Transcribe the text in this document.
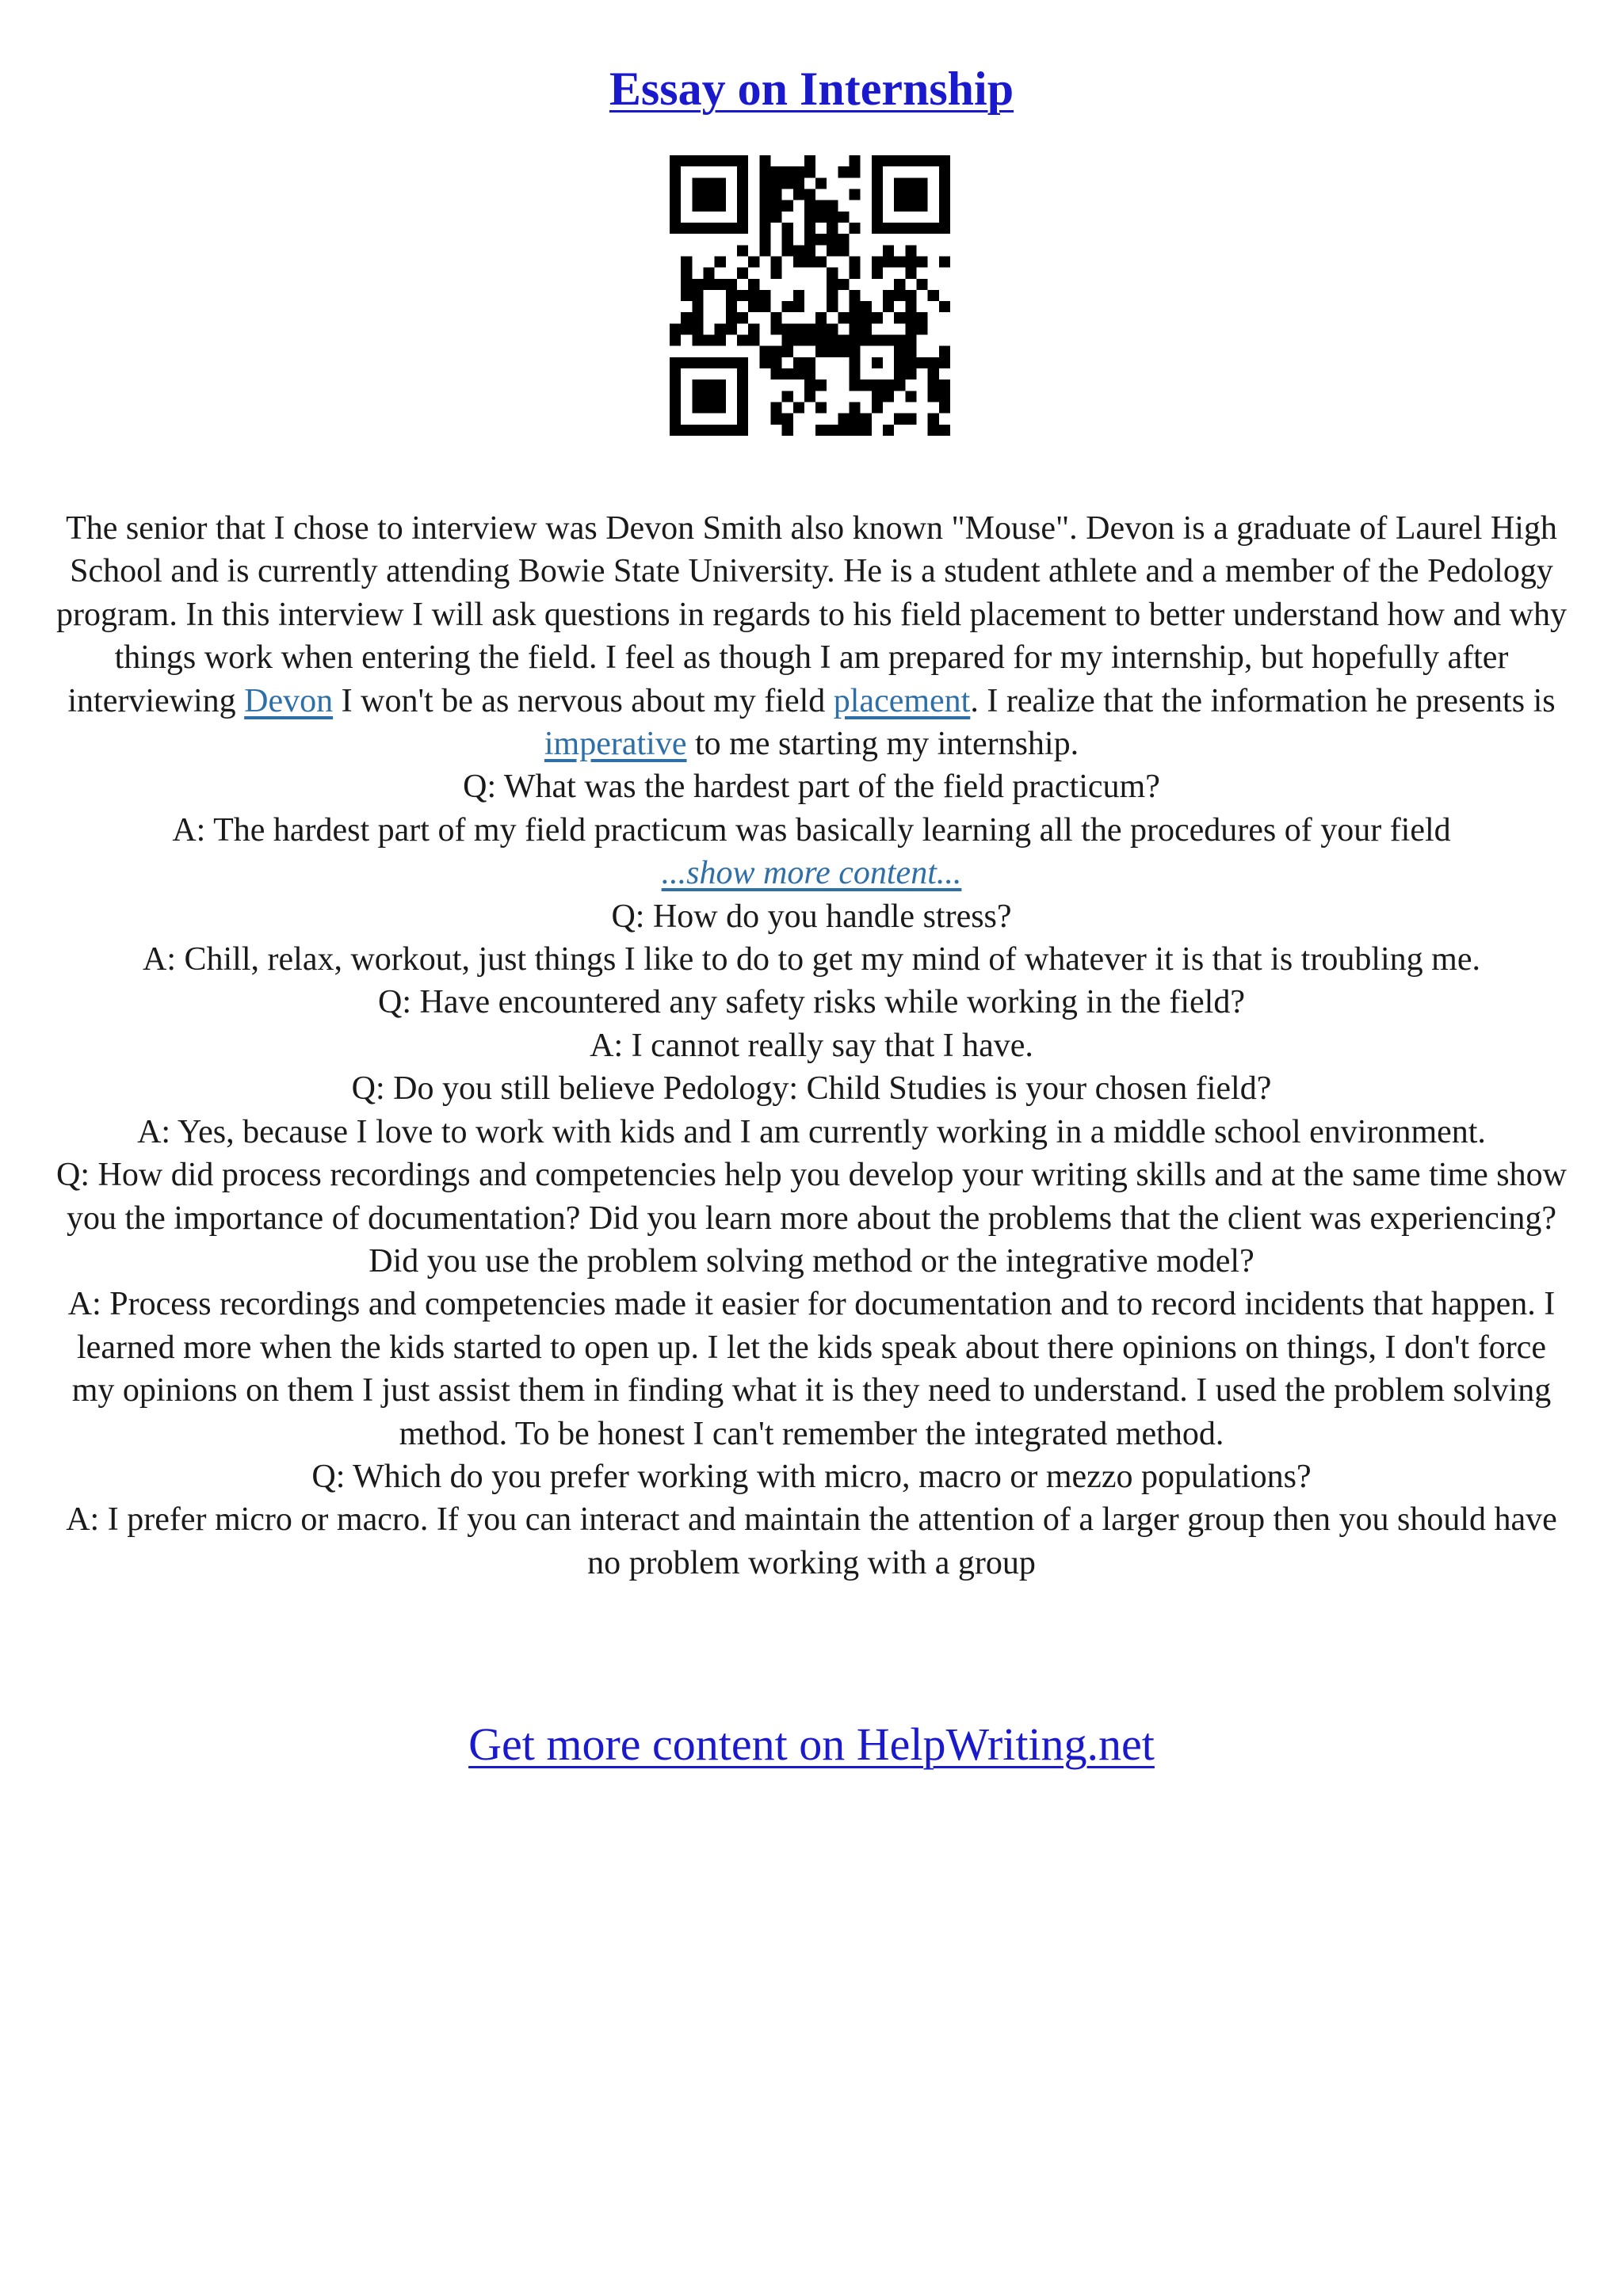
Essay on Internship

The senior that I chose to interview was Devon Smith also known "Mouse". Devon is a graduate of Laurel High School and is currently attending Bowie State University. He is a student athlete and a member of the Pedology program. In this interview I will ask questions in regards to his field placement to better understand how and why things work when entering the field. I feel as though I am prepared for my internship, but hopefully after interviewing Devon I won't be as nervous about my field placement. I realize that the information he presents is imperative to me starting my internship.

Q: What was the hardest part of the field practicum?

A: The hardest part of my field practicum was basically learning all the procedures of your field

...show more content...

Q: How do you handle stress?

A: Chill, relax, workout, just things I like to do to get my mind of whatever it is that is troubling me.

Q: Have encountered any safety risks while working in the field?

A: I cannot really say that I have.

Q: Do you still believe Pedology: Child Studies is your chosen field?

A: Yes, because I love to work with kids and I am currently working in a middle school environment.

Q: How did process recordings and competencies help you develop your writing skills and at the same time show you the importance of documentation? Did you learn more about the problems that the client was experiencing? Did you use the problem solving method or the integrative model?

A: Process recordings and competencies made it easier for documentation and to record incidents that happen. I learned more when the kids started to open up. I let the kids speak about there opinions on things, I don't force my opinions on them I just assist them in finding what it is they need to understand. I used the problem solving method. To be honest I can't remember the integrated method.

Q: Which do you prefer working with micro, macro or mezzo populations?

A: I prefer micro or macro. If you can interact and maintain the attention of a larger group then you should have no problem working with a group

Get more content on HelpWriting.net
